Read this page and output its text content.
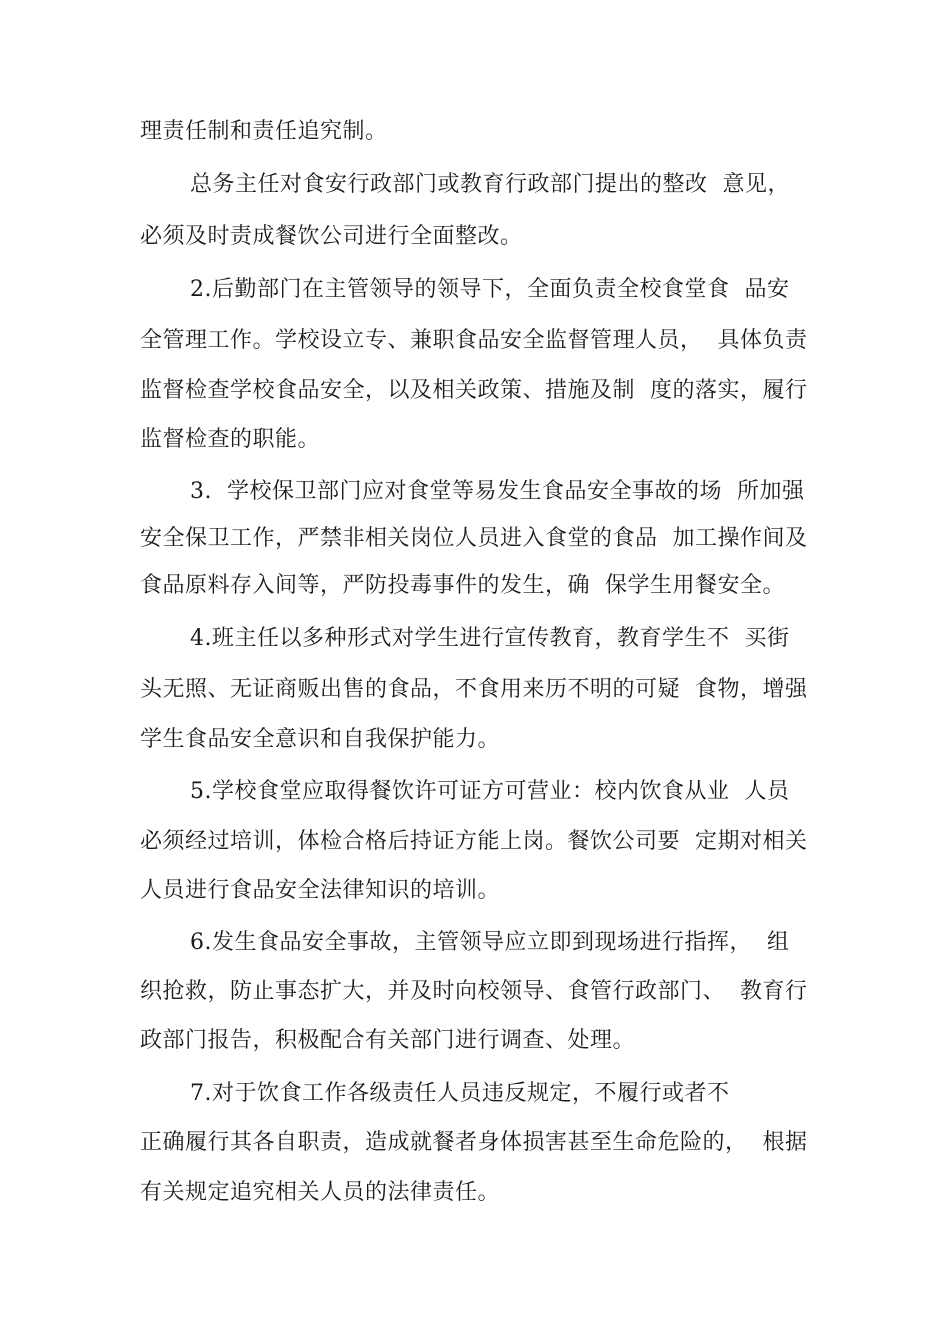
理责任制和责任追究制。

总务主任对食安行政部门或教育行政部门提出的整改  意见，

必须及时责成餐饮公司进行全面整改。

2.后勤部门在主管领导的领导下，全面负责全校食堂食  品安

全管理工作。学校设立专、兼职食品安全监督管理人员，  具体负责

监督检查学校食品安全，以及相关政策、措施及制  度的落实，履行

监督检查的职能。

3.  学校保卫部门应对食堂等易发生食品安全事故的场  所加强

安全保卫工作，严禁非相关岗位人员进入食堂的食品  加工操作间及

食品原料存入间等，严防投毒事件的发生，确  保学生用餐安全。

4.班主任以多种形式对学生进行宣传教育，教育学生不  买街

头无照、无证商贩出售的食品，不食用来历不明的可疑  食物，增强

学生食品安全意识和自我保护能力。

5.学校食堂应取得餐饮许可证方可营业：校内饮食从业  人员

必须经过培训，体检合格后持证方能上岗。餐饮公司要  定期对相关

人员进行食品安全法律知识的培训。

6.发生食品安全事故，主管领导应立即到现场进行指挥，  组

织抢救，防止事态扩大，并及时向校领导、食管行政部门、  教育行

政部门报告，积极配合有关部门进行调查、处理。

7.对于饮食工作各级责任人员违反规定，不履行或者不

正确履行其各自职责，造成就餐者身体损害甚至生命危险的，  根据

有关规定追究相关人员的法律责任。
